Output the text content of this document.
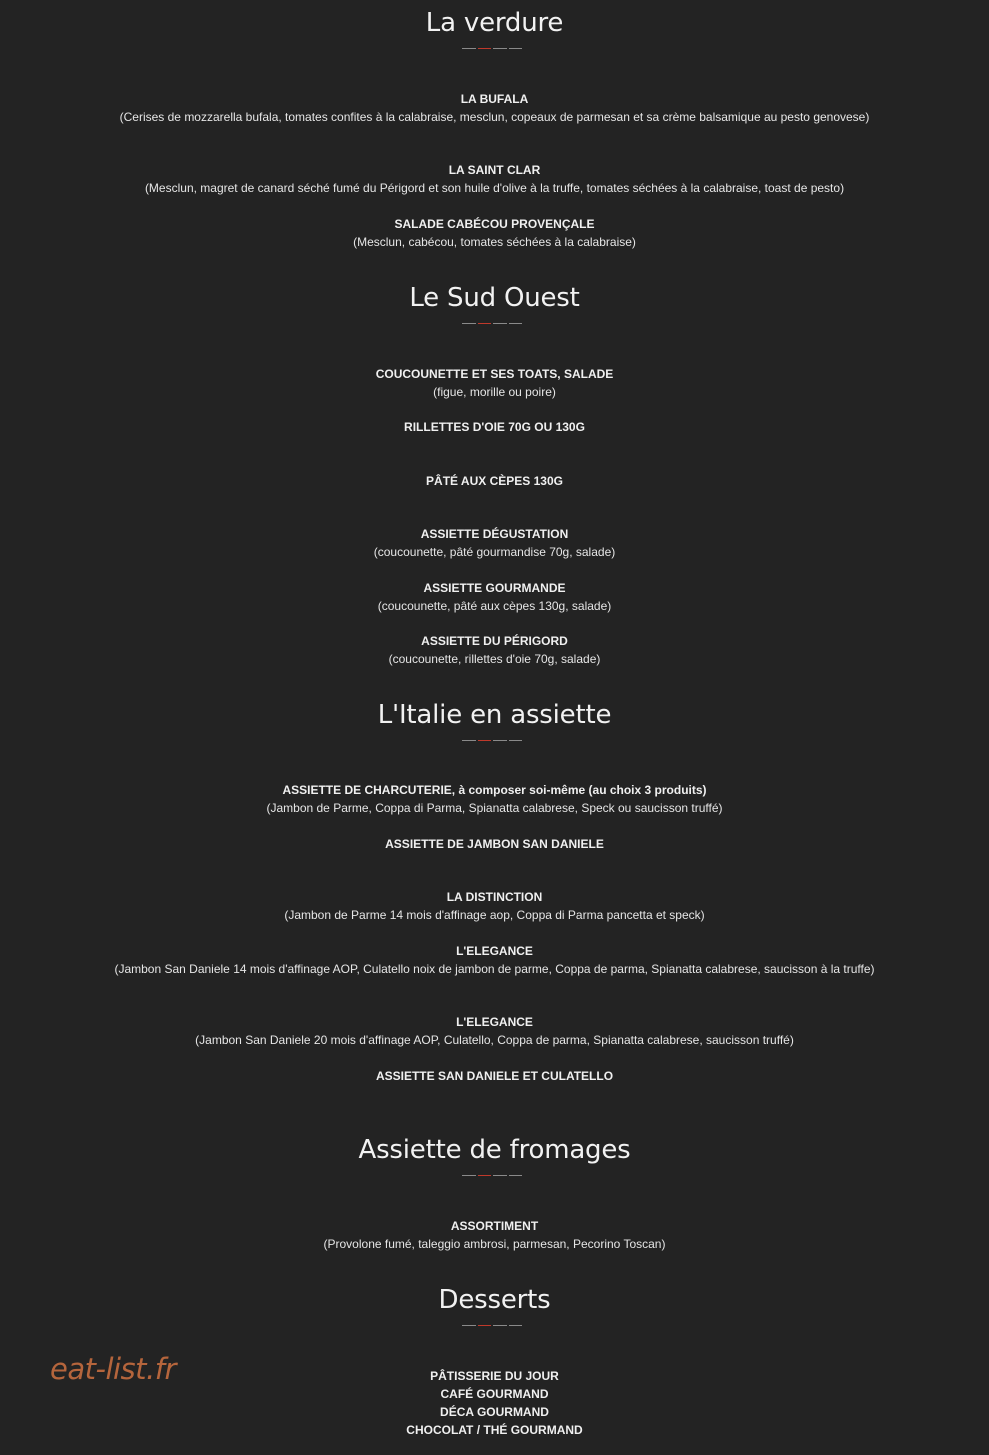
La verdure
LA BUFALA
(Cerises de mozzarella bufala, tomates confites à la calabraise, mesclun, copeaux de parmesan et sa crème balsamique au pesto genovese)
LA SAINT CLAR
(Mesclun, magret de canard séché fumé du Périgord et son huile d'olive à la truffe, tomates séchées à la calabraise, toast de pesto)
SALADE CABÉCOU PROVENÇALE
(Mesclun, cabécou, tomates séchées à la calabraise)
Le Sud Ouest
COUCOUNETTE ET SES TOATS, SALADE
(figue, morille ou poire)
RILLETTES D'OIE 70G OU 130G
PÂTÉ AUX CÈPES 130G
ASSIETTE DÉGUSTATION
(coucounette, pâté gourmandise 70g, salade)
ASSIETTE GOURMANDE
(coucounette, pâté aux cèpes 130g, salade)
ASSIETTE DU PÉRIGORD
(coucounette, rillettes d'oie 70g, salade)
L'Italie en assiette
ASSIETTE DE CHARCUTERIE, à composer soi-même (au choix 3 produits)
(Jambon de Parme, Coppa di Parma, Spianatta calabrese, Speck ou saucisson truffé)
ASSIETTE DE JAMBON SAN DANIELE
LA DISTINCTION
(Jambon de Parme 14 mois d'affinage aop, Coppa di Parma pancetta et speck)
L'ELEGANCE
(Jambon San Daniele 14 mois d'affinage AOP, Culatello noix de jambon de parme, Coppa de parma, Spianatta calabrese, saucisson à la truffe)
L'ELEGANCE
(Jambon San Daniele 20 mois d'affinage AOP, Culatello, Coppa de parma, Spianatta calabrese, saucisson truffé)
ASSIETTE SAN DANIELE ET CULATELLO
Assiette de fromages
ASSORTIMENT
(Provolone fumé, taleggio ambrosi, parmesan, Pecorino Toscan)
Desserts
PÂTISSERIE DU JOUR
CAFÉ GOURMAND
DÉCA GOURMAND
CHOCOLAT / THÉ GOURMAND
eat-list.fr
